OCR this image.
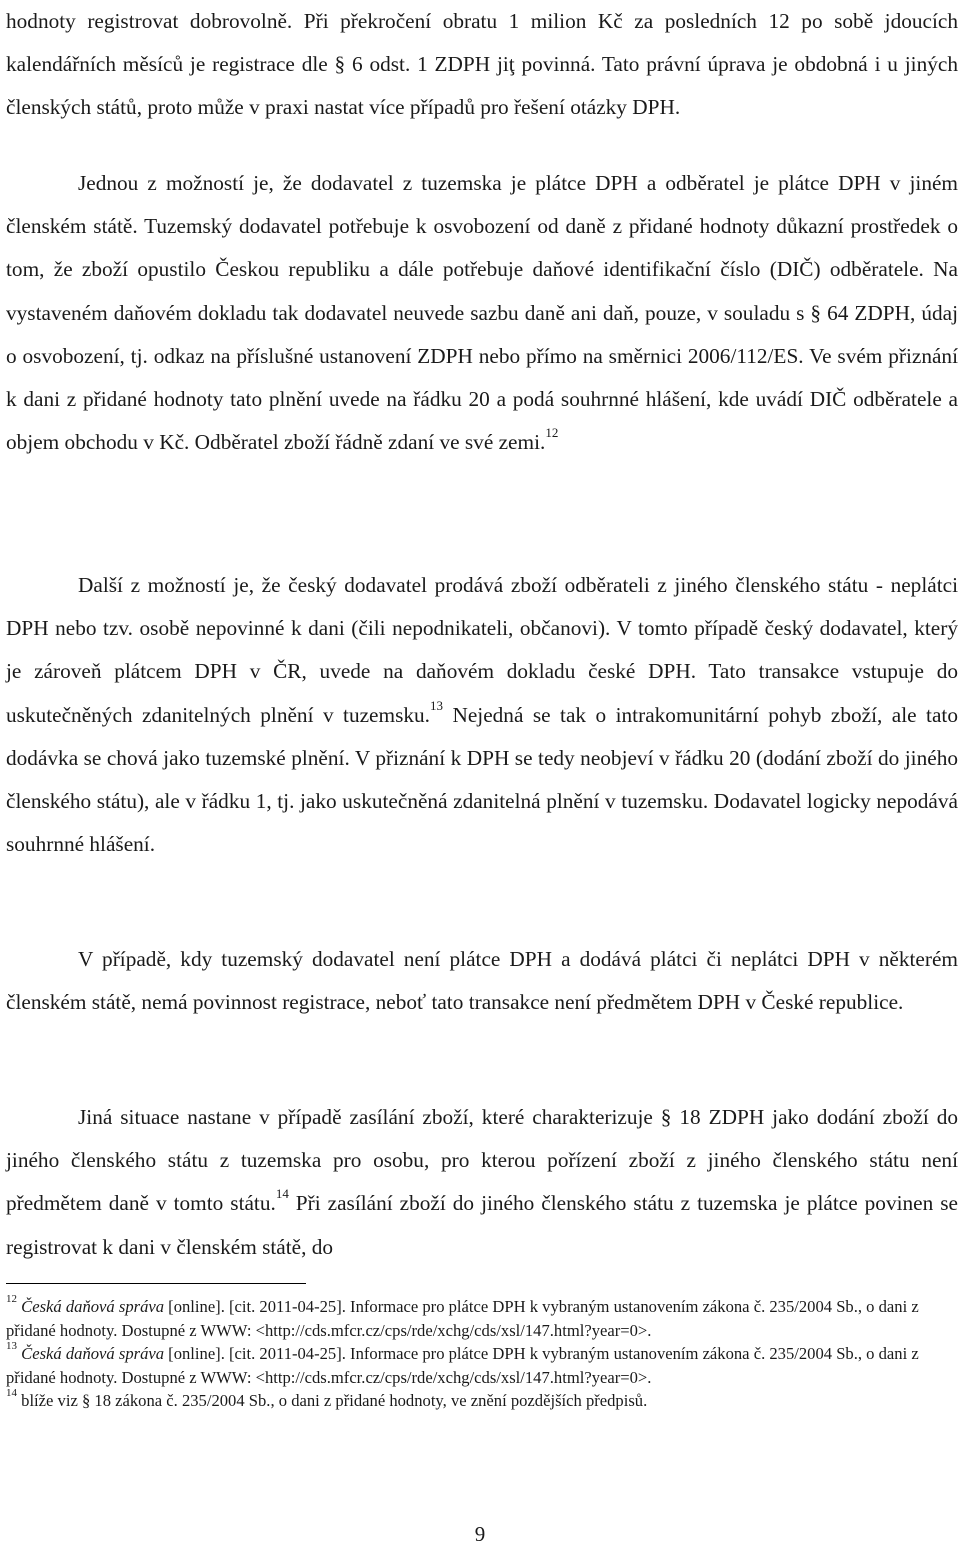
hodnoty registrovat dobrovolně. Při překročení obratu 1 milion Kč za posledních 12 po sobě jdoucích kalendářních měsíců je registrace dle § 6 odst. 1 ZDPH jiţ povinná. Tato právní úprava je obdobná i u jiných členských států, proto může v praxi nastat více případů pro řešení otázky DPH.

Jednou z možností je, že dodavatel z tuzemska je plátce DPH a odběratel je plátce DPH v jiném členském státě. Tuzemský dodavatel potřebuje k osvobození od daně z přidané hodnoty důkazní prostředek o tom, že zboží opustilo Českou republiku a dále potřebuje daňové identifikační číslo (DIČ) odběratele. Na vystaveném daňovém dokladu tak dodavatel neuvede sazbu daně ani daň, pouze, v souladu s § 64 ZDPH, údaj o osvobození, tj. odkaz na příslušné ustanovení ZDPH nebo přímo na směrnici 2006/112/ES. Ve svém přiznání k dani z přidané hodnoty tato plnění uvede na řádku 20 a podá souhrnné hlášení, kde uvádí DIČ odběratele a objem obchodu v Kč. Odběratel zboží řádně zdaní ve své zemi.$^{12}$

Další z možností je, že český dodavatel prodává zboží odběrateli z jiného členského státu - neplátci DPH nebo tzv. osobě nepovinné k dani (čili nepodnikateli, občanovi). V tomto případě český dodavatel, který je zároveň plátcem DPH v ČR, uvede na daňovém dokladu české DPH. Tato transakce vstupuje do uskutečněných zdanitelných plnění v tuzemsku.$^{13}$ Nejedná se tak o intrakomunitární pohyb zboží, ale tato dodávka se chová jako tuzemské plnění. V přiznání k DPH se tedy neobjeví v řádku 20 (dodání zboží do jiného členského státu), ale v řádku 1, tj. jako uskutečněná zdanitelná plnění v tuzemsku. Dodavatel logicky nepodává souhrnné hlášení.

V případě, kdy tuzemský dodavatel není plátce DPH a dodává plátci či neplátci DPH v některém členském státě, nemá povinnost registrace, neboť tato transakce není předmětem DPH v České republice.

Jiná situace nastane v případě zasílání zboží, které charakterizuje § 18 ZDPH jako dodání zboží do jiného členského státu z tuzemska pro osobu, pro kterou pořízení zboží z jiného členského státu není předmětem daně v tomto státu.$^{14}$ Při zasílání zboží do jiného členského státu z tuzemska je plátce povinen se registrovat k dani v členském státě, do

$^{12}$ Česká daňová správa [online]. [cit. 2011-04-25]. Informace pro plátce DPH k vybraným ustanovením zákona č. 235/2004 Sb., o dani z přidané hodnoty. Dostupné z WWW: <http://cds.mfcr.cz/cps/rde/xchg/cds/xsl/147.html?year=0>.

$^{13}$ Česká daňová správa [online]. [cit. 2011-04-25]. Informace pro plátce DPH k vybraným ustanovením zákona č. 235/2004 Sb., o dani z přidané hodnoty. Dostupné z WWW: <http://cds.mfcr.cz/cps/rde/xchg/cds/xsl/147.html?year=0>.

$^{14}$ blíže viz § 18 zákona č. 235/2004 Sb., o dani z přidané hodnoty, ve znění pozdějších předpisů.

9
